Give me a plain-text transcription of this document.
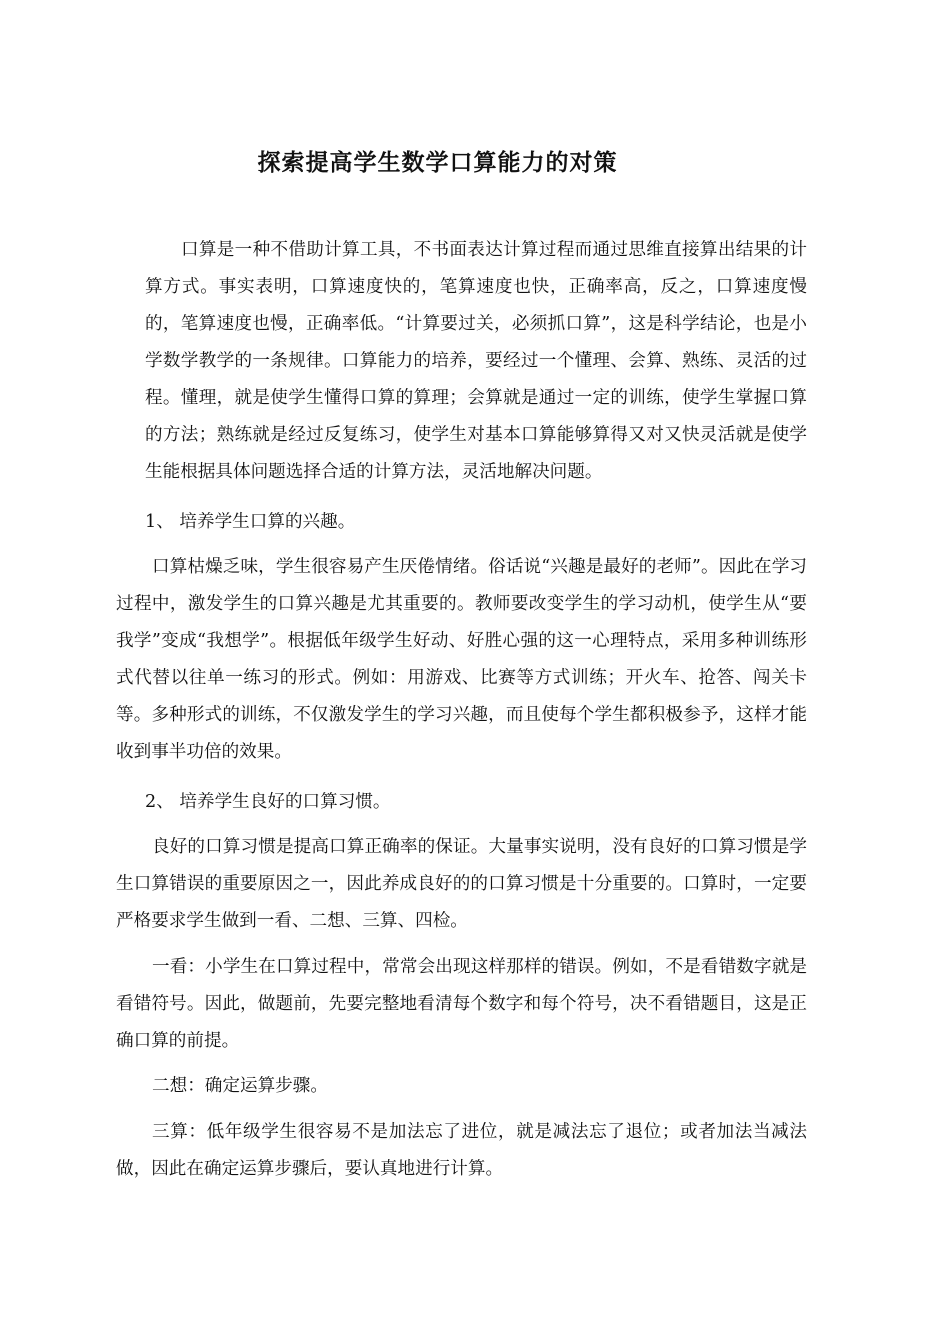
探索提高学生数学口算能力的对策

口算是一种不借助计算工具，不书面表达计算过程而通过思维直接算出结果的计算方式。事实表明，口算速度快的，笔算速度也快，正确率高，反之，口算速度慢的，笔算速度也慢，正确率低。“计算要过关，必须抓口算”，这是科学结论，也是小学数学教学的一条规律。口算能力的培养，要经过一个懂理、会算、熟练、灵活的过程。懂理，就是使学生懂得口算的算理；会算就是通过一定的训练，使学生掌握口算的方法；熟练就是经过反复练习，使学生对基本口算能够算得又对又快灵活就是使学生能根据具体问题选择合适的计算方法，灵活地解决问题。

1、 培养学生口算的兴趣。

口算枯燥乏味，学生很容易产生厌倦情绪。俗话说“兴趣是最好的老师”。因此在学习过程中，激发学生的口算兴趣是尤其重要的。教师要改变学生的学习动机，使学生从“要我学”变成“我想学”。根据低年级学生好动、好胜心强的这一心理特点，采用多种训练形式代替以往单一练习的形式。例如：用游戏、比赛等方式训练；开火车、抢答、闯关卡等。多种形式的训练，不仅激发学生的学习兴趣，而且使每个学生都积极参予，这样才能收到事半功倍的效果。

2、 培养学生良好的口算习惯。

良好的口算习惯是提高口算正确率的保证。大量事实说明，没有良好的口算习惯是学生口算错误的重要原因之一，因此养成良好的的口算习惯是十分重要的。口算时，一定要严格要求学生做到一看、二想、三算、四检。

一看：小学生在口算过程中，常常会出现这样那样的错误。例如，不是看错数字就是看错符号。因此，做题前，先要完整地看清每个数字和每个符号，决不看错题目，这是正确口算的前提。

二想：确定运算步骤。

三算：低年级学生很容易不是加法忘了进位，就是减法忘了退位；或者加法当减法做，因此在确定运算步骤后，要认真地进行计算。
